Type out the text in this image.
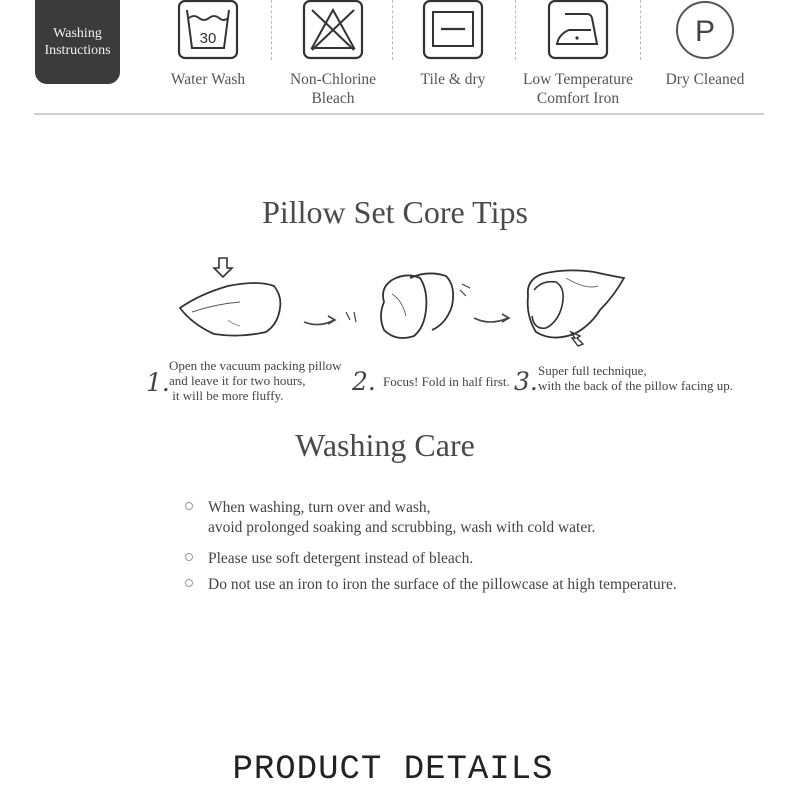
Washing
Instructions
30
Water Wash	Non-Chlorine
Bleach
Tile & dry	Low Temperature
Comfort Iron
P
Dry Cleaned
Pillow Set Core Tips
1.
Open the vacuum packing pillow
and leave it for two hours,
it will be more fluffy.	2. Focus! Fold in half first. 3. Super full technique,
with the back of the pillow facing up.
Washing Care
When washing, turn over and wash,
avoid prolonged soaking and scrubbing, wash with cold water.
Please use soft detergent instead of bleach.
Do not use an iron to iron the surface of the pillowcase at high temperature.
PRODUCT DETAILS
